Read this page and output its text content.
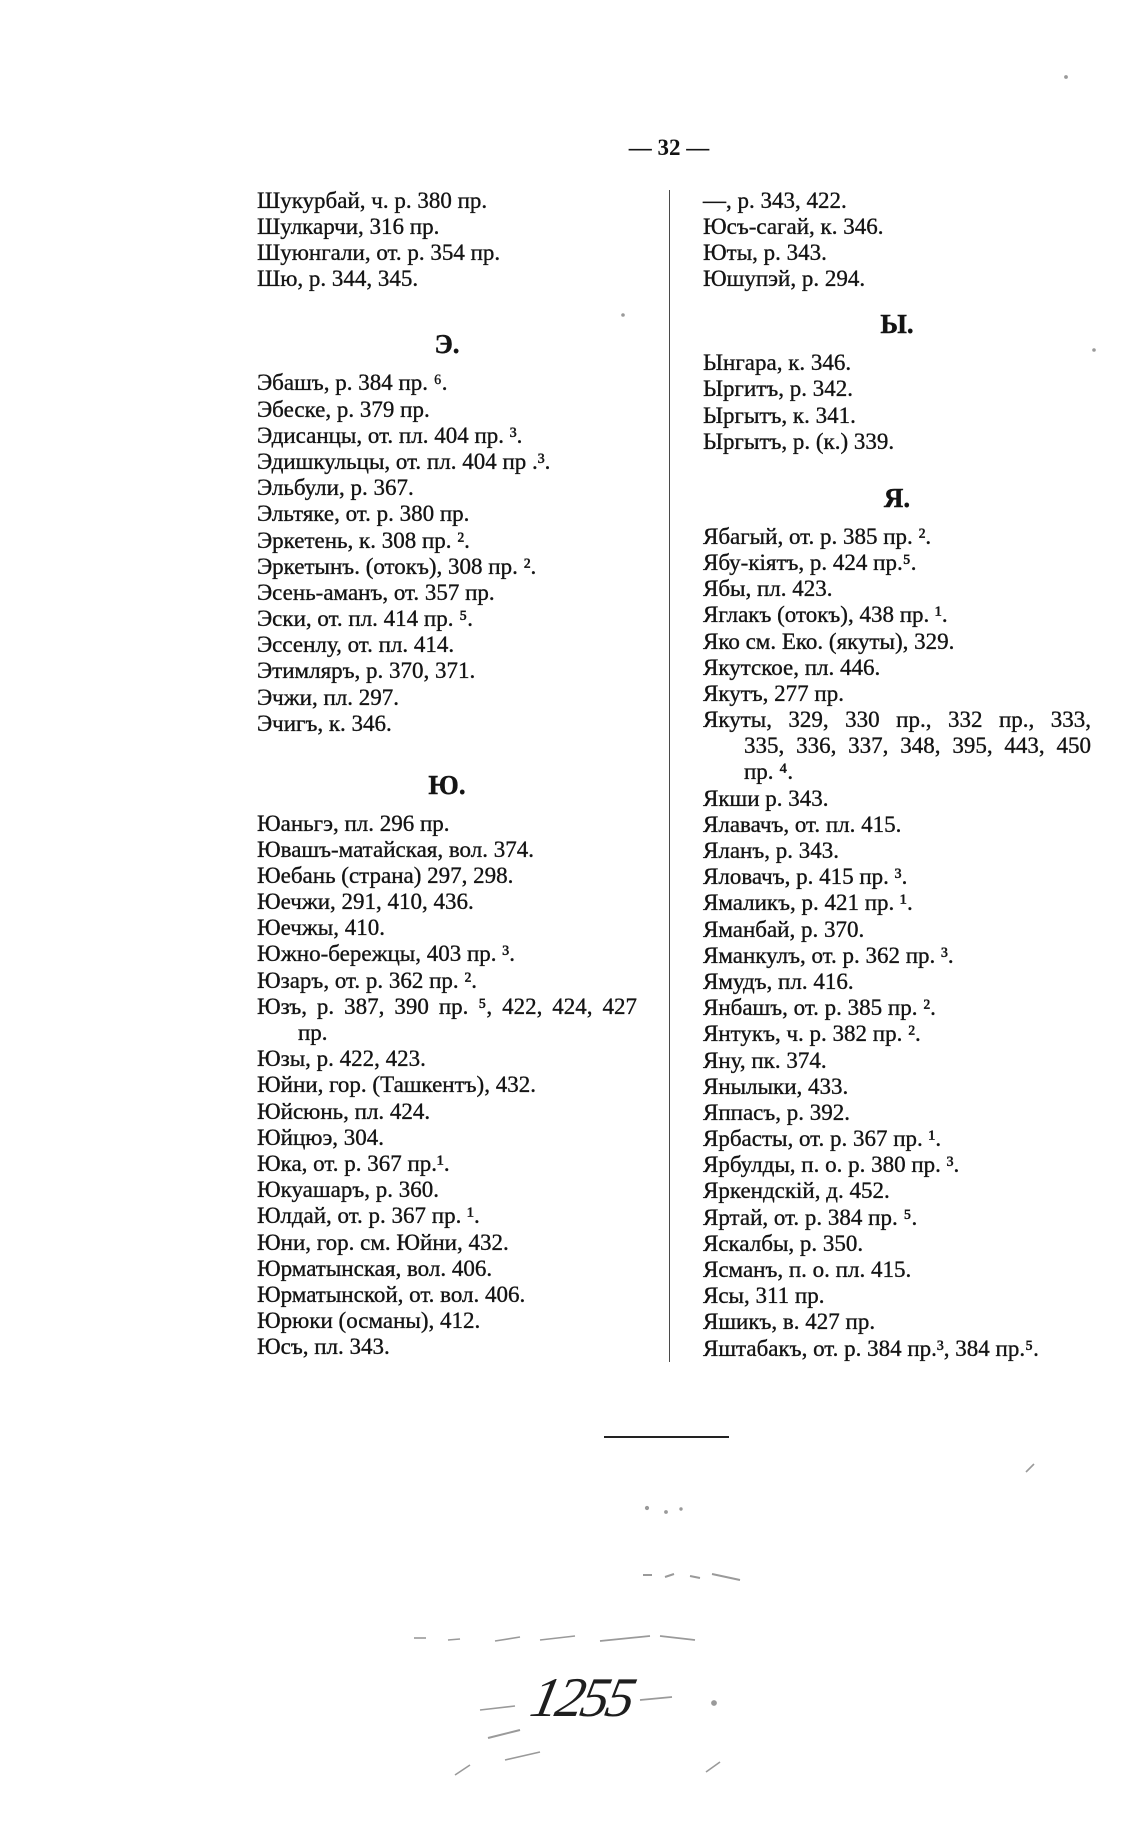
— 32 —
Шукурбай, ч. р. 380 пр.
Шулкарчи, 316 пр.
Шуюнгали, от. р. 354 пр.
Шю, р. 344, 345.
Э.
Эбашъ, р. 384 пр. ⁶.
Эбеске, р. 379 пр.
Эдисанцы, от. пл. 404 пр. ³.
Эдишкульцы, от. пл. 404 пр .³.
Эльбули, р. 367.
Эльтяке, от. р. 380 пр.
Эркетень, к. 308 пр. ².
Эркетынъ. (отокъ), 308 пр. ².
Эсень-аманъ, от. 357 пр.
Эски, от. пл. 414 пр. ⁵.
Эссенлу, от. пл. 414.
Этимляръ, р. 370, 371.
Эчжи, пл. 297.
Эчигъ, к. 346.
Ю.
Юаньгэ, пл. 296 пр.
Ювашъ-матайская, вол. 374.
Юебань (страна) 297, 298.
Юечжи, 291, 410, 436.
Юечжы, 410.
Южно-бережцы, 403 пр. ³.
Юзаръ, от. р. 362 пр. ².
Юзъ, р. 387, 390 пр. ⁵, 422, 424, 427
пр.
Юзы, р. 422, 423.
Юйни, гор. (Ташкентъ), 432.
Юйсюнь, пл. 424.
Юйцюэ, 304.
Юка, от. р. 367 пр.¹.
Юкуашаръ, р. 360.
Юлдай, от. р. 367 пр. ¹.
Юни, гор. см. Юйни, 432.
Юрматынская, вол. 406.
Юрматынской, от. вол. 406.
Юрюки (османы), 412.
Юсъ, пл. 343.
—, р. 343, 422.
Юсъ-сагай, к. 346.
Юты, р. 343.
Юшупэй, р. 294.
Ы.
Ынгара, к. 346.
Ыргитъ, р. 342.
Ыргытъ, к. 341.
Ыргытъ, р. (к.) 339.
Я.
Ябагый, от. р. 385 пр. ².
Ябу-кіятъ, р. 424 пр.⁵.
Ябы, пл. 423.
Яглакъ (отокъ), 438 пр. ¹.
Яко см. Еко. (якуты), 329.
Якутское, пл. 446.
Якутъ, 277 пр.
Якуты, 329, 330 пр., 332 пр., 333,
335, 336, 337, 348, 395, 443, 450
пр. ⁴.
Якши р. 343.
Ялавачъ, от. пл. 415.
Яланъ, р. 343.
Яловачъ, р. 415 пр. ³.
Ямаликъ, р. 421 пр. ¹.
Яманбай, р. 370.
Яманкулъ, от. р. 362 пр. ³.
Ямудъ, пл. 416.
Янбашъ, от. р. 385 пр. ².
Янтукъ, ч. р. 382 пр. ².
Яну, пк. 374.
Янылыки, 433.
Яппасъ, р. 392.
Ярбасты, от. р. 367 пр. ¹.
Ярбулды, п. о. р. 380 пр. ³.
Яркендскій, д. 452.
Яртай, от. р. 384 пр. ⁵.
Яскалбы, р. 350.
Ясманъ, п. о. пл. 415.
Ясы, 311 пр.
Яшикъ, в. 427 пр.
Яштабакъ, от. р. 384 пр.³, 384 пр.⁵.
1255
